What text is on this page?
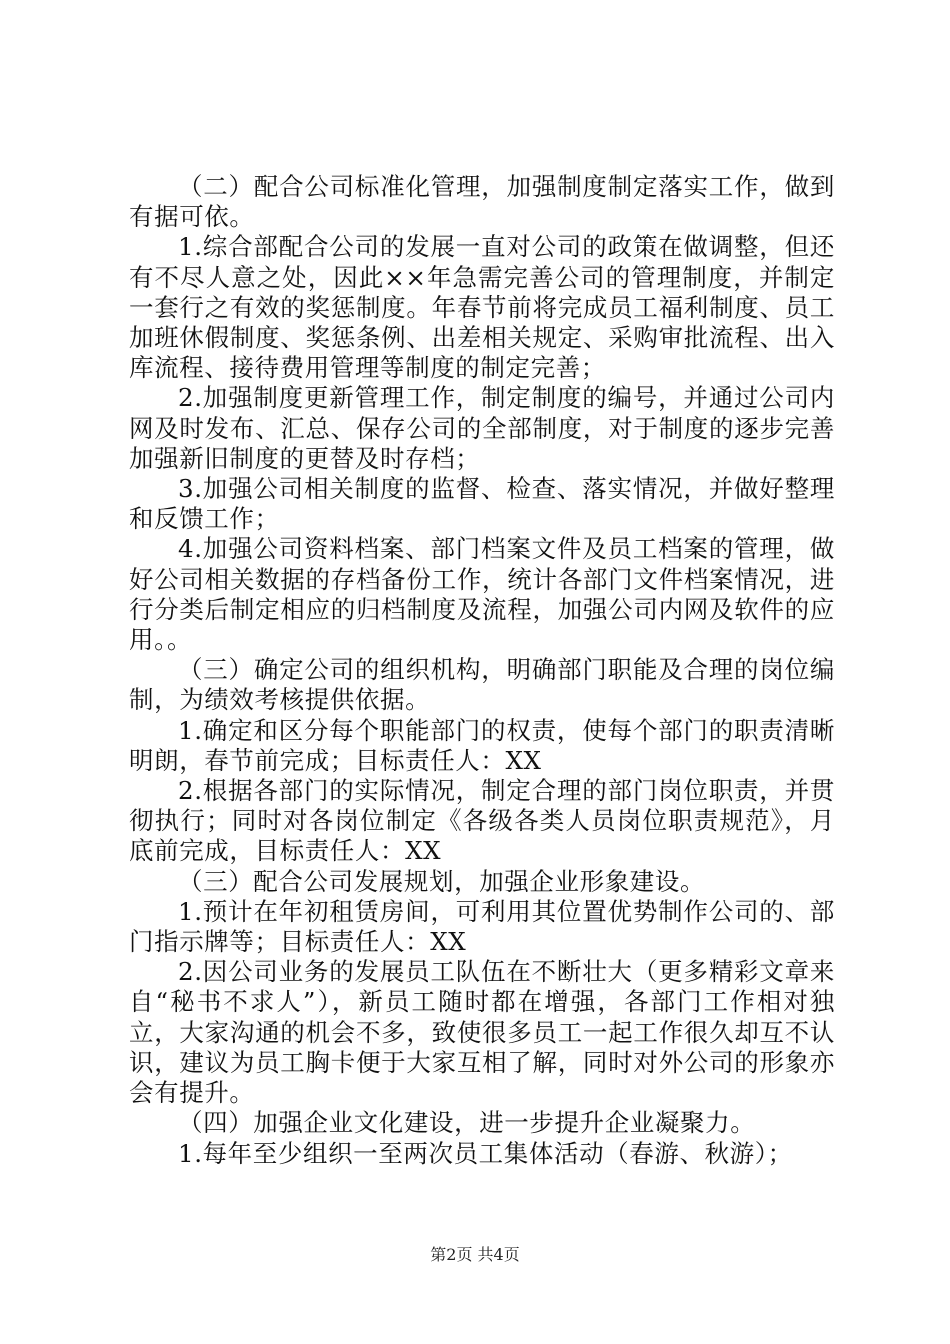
（二）配合公司标准化管理，加强制度制定落实工作，做到有据可依。

1.综合部配合公司的发展一直对公司的政策在做调整，但还有不尽人意之处，因此××年急需完善公司的管理制度，并制定一套行之有效的奖惩制度。年春节前将完成员工福利制度、员工加班休假制度、奖惩条例、出差相关规定、采购审批流程、出入库流程、接待费用管理等制度的制定完善；

2.加强制度更新管理工作，制定制度的编号，并通过公司内网及时发布、汇总、保存公司的全部制度，对于制度的逐步完善加强新旧制度的更替及时存档；

3.加强公司相关制度的监督、检查、落实情况，并做好整理和反馈工作；

4.加强公司资料档案、部门档案文件及员工档案的管理，做好公司相关数据的存档备份工作，统计各部门文件档案情况，进行分类后制定相应的归档制度及流程，加强公司内网及软件的应用。。

（三）确定公司的组织机构，明确部门职能及合理的岗位编制，为绩效考核提供依据。

1.确定和区分每个职能部门的权责，使每个部门的职责清晰明朗，春节前完成；目标责任人：XX

2.根据各部门的实际情况，制定合理的部门岗位职责，并贯彻执行；同时对各岗位制定《各级各类人员岗位职责规范》，月底前完成，目标责任人：XX

（三）配合公司发展规划，加强企业形象建设。

1.预计在年初租赁房间，可利用其位置优势制作公司的、部门指示牌等；目标责任人：XX

2.因公司业务的发展员工队伍在不断壮大（更多精彩文章来自“秘书不求人”），新员工随时都在增强，各部门工作相对独立，大家沟通的机会不多，致使很多员工一起工作很久却互不认识，建议为员工胸卡便于大家互相了解，同时对外公司的形象亦会有提升。

（四）加强企业文化建设，进一步提升企业凝聚力。

1.每年至少组织一至两次员工集体活动（春游、秋游）；

第2页 共4页
